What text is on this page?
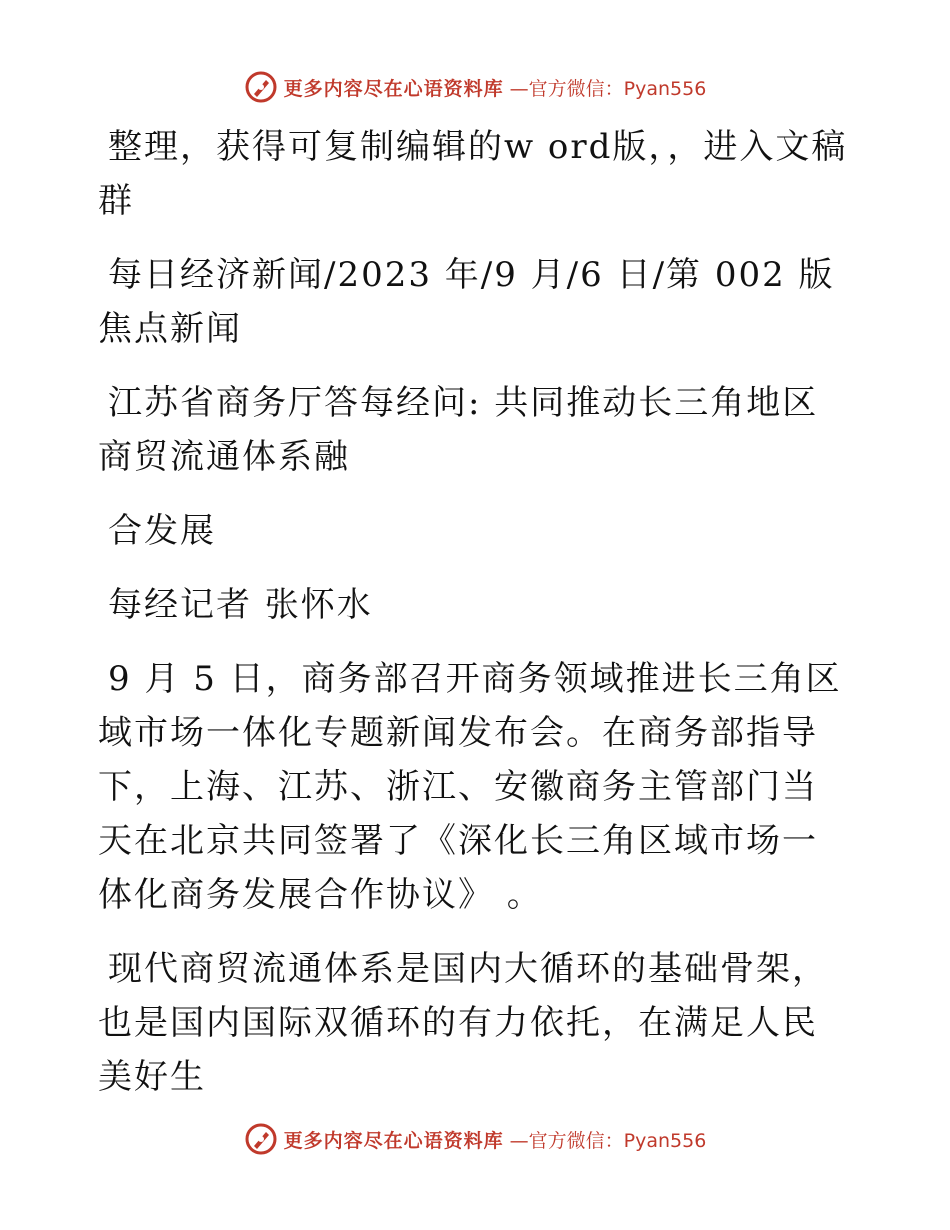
更多内容尽在心语资料库 —官方微信：Pyan556

整理，获得可复制编辑的w ord版，，进入文稿群

每日经济新闻/2023 年/9 月/6 日/第 002 版焦点新闻

江苏省商务厅答每经问: 共同推动长三角地区商贸流通体系融

合发展

每经记者 张怀水

9 月 5 日，商务部召开商务领域推进长三角区域市场一体化专题新闻发布会。在商务部指导下，上海、江苏、浙江、安徽商务主管部门当天在北京共同签署了《深化长三角区域市场一体化商务发展合作协议》 。

现代商贸流通体系是国内大循环的基础骨架，也是国内国际双循环的有力依托，在满足人民美好生

更多内容尽在心语资料库 —官方微信：Pyan556
